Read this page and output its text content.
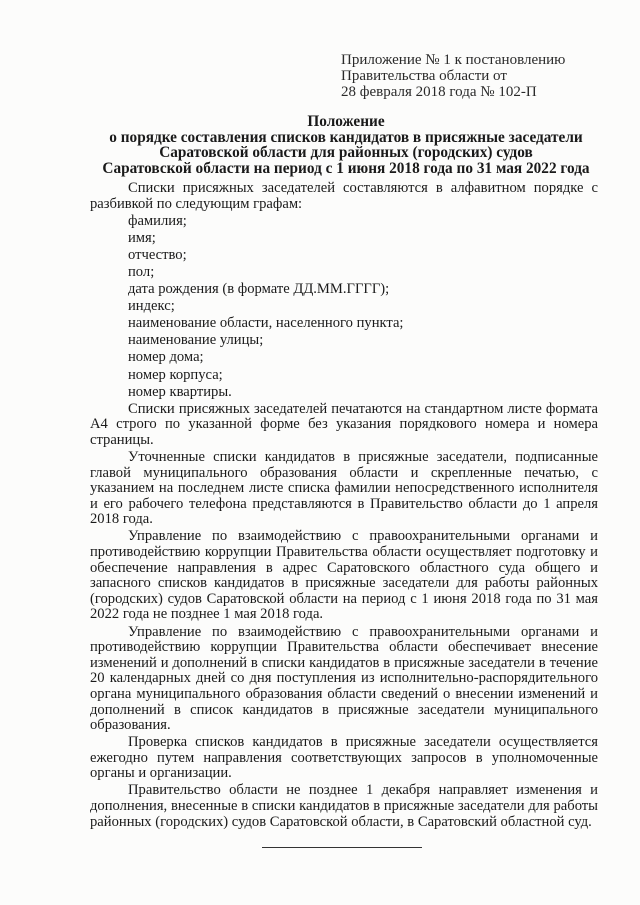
Приложение № 1 к постановлению
Правительства области от
28 февраля 2018 года № 102-П
Положение
о порядке составления списков кандидатов в присяжные заседатели
Саратовской области для районных (городских) судов
Саратовской области на период с 1 июня 2018 года по 31 мая 2022 года

Списки присяжных заседателей составляются в алфавитном порядке с разбивкой по следующим графам:

фамилия;
имя;
отчество;
пол;
дата рождения (в формате ДД.ММ.ГГГГ);
индекс;
наименование области, населенного пункта;
наименование улицы;
номер дома;
номер корпуса;
номер квартиры.

Списки присяжных заседателей печатаются на стандартном листе формата А4 строго по указанной форме без указания порядкового номера и номера страницы.

Уточненные списки кандидатов в присяжные заседатели, подписанные главой муниципального образования области и скрепленные печатью, с указанием на последнем листе списка фамилии непосредственного исполнителя и его рабочего телефона представляются в Правительство области до 1 апреля 2018 года.

Управление по взаимодействию с правоохранительными органами и противодействию коррупции Правительства области осуществляет подготовку и обеспечение направления в адрес Саратовского областного суда общего и запасного списков кандидатов в присяжные заседатели для работы районных (городских) судов Саратовской области на период с 1 июня 2018 года по 31 мая 2022 года не позднее 1 мая 2018 года.

Управление по взаимодействию с правоохранительными органами и противодействию коррупции Правительства области обеспечивает внесение изменений и дополнений в списки кандидатов в присяжные заседатели в течение 20 календарных дней со дня поступления из исполнительно-распорядительного органа муниципального образования области сведений о внесении изменений и дополнений в список кандидатов в присяжные заседатели муниципального образования.

Проверка списков кандидатов в присяжные заседатели осуществляется ежегодно путем направления соответствующих запросов в уполномоченные органы и организации.

Правительство области не позднее 1 декабря направляет изменения и дополнения, внесенные в списки кандидатов в присяжные заседатели для работы районных (городских) судов Саратовской области, в Саратовский областной суд.
